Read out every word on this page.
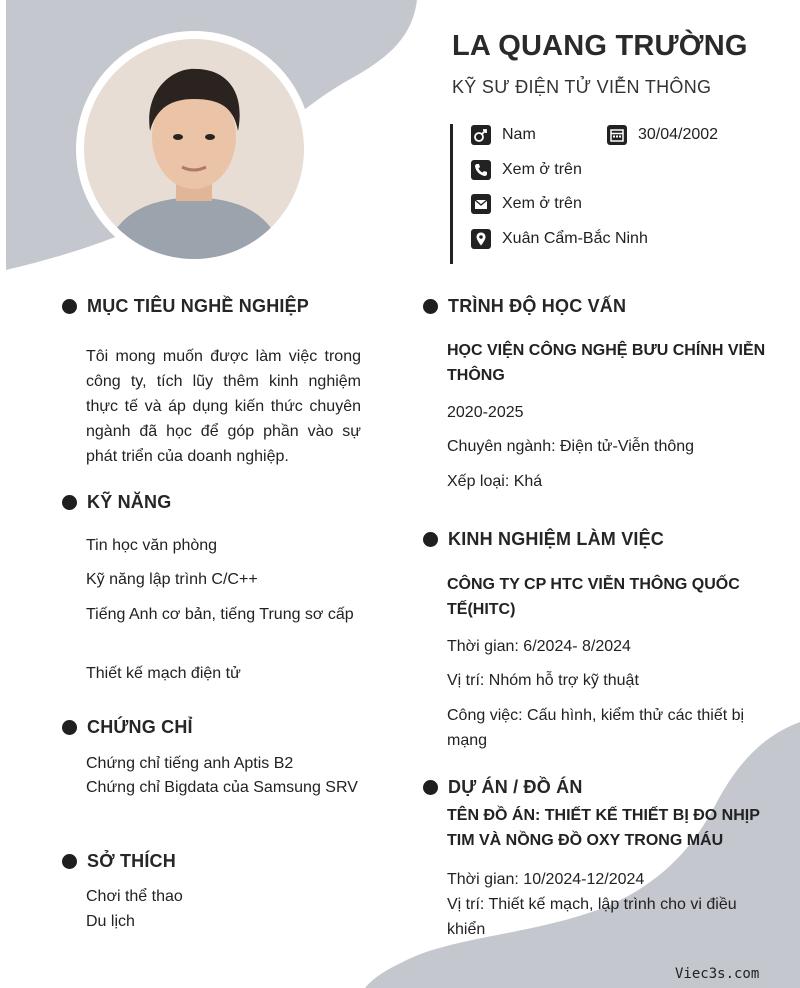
LA QUANG TRƯỜNG
KỸ SƯ ĐIỆN TỬ VIỄN THÔNG
Nam	30/04/2002
Xem ở trên
Xem ở trên
Xuân Cẩm-Bắc Ninh
MỤC TIÊU NGHỀ NGHIỆP
Tôi mong muốn được làm việc trong công ty, tích lũy thêm kinh nghiệm thực tế và áp dụng kiến thức chuyên ngành đã học để góp phần vào sự phát triển của doanh nghiệp.
KỸ NĂNG
Tin học văn phòng
Kỹ năng lập trình C/C++
Tiếng Anh cơ bản, tiếng Trung sơ cấp
Thiết kế mạch điện tử
CHỨNG CHỈ
Chứng chỉ tiếng anh Aptis B2
Chứng chỉ Bigdata của Samsung SRV
SỞ THÍCH
Chơi thể thao
Du lịch
TRÌNH ĐỘ HỌC VẤN
HỌC VIỆN CÔNG NGHỆ BƯU CHÍNH VIỄN THÔNG
2020-2025
Chuyên ngành: Điện tử-Viễn thông
Xếp loại: Khá
KINH NGHIỆM LÀM VIỆC
CÔNG TY CP HTC VIỄN THÔNG QUỐC TẾ(HITC)
Thời gian: 6/2024- 8/2024
Vị trí: Nhóm hỗ trợ kỹ thuật
Công việc: Cấu hình, kiểm thử các thiết bị mạng
DỰ ÁN / ĐỒ ÁN
TÊN ĐỒ ÁN: THIẾT KẾ THIẾT BỊ ĐO NHỊP TIM VÀ NỒNG ĐỒ OXY TRONG MÁU
Thời gian: 10/2024-12/2024
Vị trí: Thiết kế mạch, lập trình cho vi điều khiển
Viec3s.com
